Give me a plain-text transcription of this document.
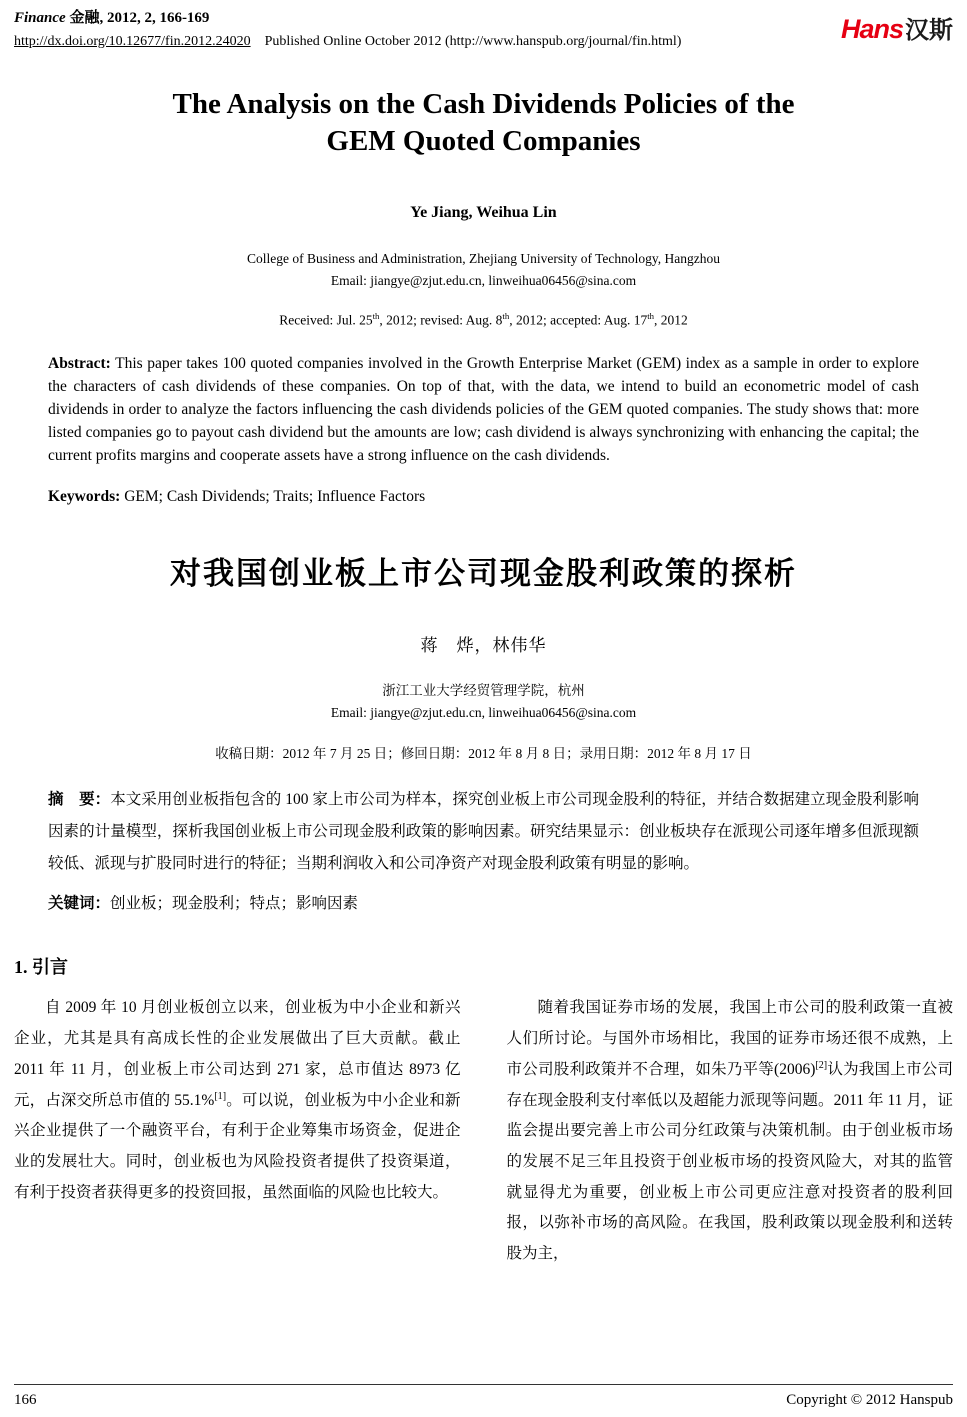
Finance 金融, 2012, 2, 166-169
http://dx.doi.org/10.12677/fin.2012.24020 Published Online October 2012 (http://www.hanspub.org/journal/fin.html)	Hans汉斯
The Analysis on the Cash Dividends Policies of the
GEM Quoted Companies
Ye Jiang, Weihua Lin
College of Business and Administration, Zhejiang University of Technology, Hangzhou
Email: jiangye@zjut.edu.cn, linweihua06456@sina.com
Received: Jul. 25th, 2012; revised: Aug. 8th, 2012; accepted: Aug. 17th, 2012
Abstract: This paper takes 100 quoted companies involved in the Growth Enterprise Market (GEM) index as a sample in order to explore the characters of cash dividends of these companies. On top of that, with the data, we intend to build an econometric model of cash dividends in order to analyze the factors influencing the cash dividends policies of the GEM quoted companies. The study shows that: more listed companies go to payout cash dividend but the amounts are low; cash dividend is always synchronizing with enhancing the capital; the current profits margins and cooperate assets have a strong influence on the cash dividends.
Keywords: GEM; Cash Dividends; Traits; Influence Factors
对我国创业板上市公司现金股利政策的探析
蒋　烨，林伟华
浙江工业大学经贸管理学院，杭州
Email: jiangye@zjut.edu.cn, linweihua06456@sina.com
收稿日期：2012 年 7 月 25 日；修回日期：2012 年 8 月 8 日；录用日期：2012 年 8 月 17 日
摘　要：本文采用创业板指包含的 100 家上市公司为样本，探究创业板上市公司现金股利的特征，并结合数据建立现金股利影响因素的计量模型，探析我国创业板上市公司现金股利政策的影响因素。研究结果显示：创业板块存在派现公司逐年增多但派现额较低、派现与扩股同时进行的特征；当期利润收入和公司净资产对现金股利政策有明显的影响。
关键词：创业板；现金股利；特点；影响因素
1. 引言

自 2009 年 10 月创业板创立以来，创业板为中小企业和新兴企业，尤其是具有高成长性的企业发展做出了巨大贡献。截止 2011 年 11 月，创业板上市公司达到 271 家，总市值达 8973 亿元，占深交所总市值的 55.1%[1]。可以说，创业板为中小企业和新兴企业提供了一个融资平台，有利于企业筹集市场资金，促进企业的发展壮大。同时，创业板也为风险投资者提供了投资渠道，有利于投资者获得更多的投资回报，虽然面临的风险也比较大。

随着我国证券市场的发展，我国上市公司的股利政策一直被人们所讨论。与国外市场相比，我国的证券市场还很不成熟，上市公司股利政策并不合理，如朱乃平等(2006)[2]认为我国上市公司存在现金股利支付率低以及超能力派现等问题。2011 年 11 月，证监会提出要完善上市公司分红政策与决策机制。由于创业板市场的发展不足三年且投资于创业板市场的投资风险大，对其的监管就显得尤为重要，创业板上市公司更应注意对投资者的股利回报，以弥补市场的高风险。在我国，股利政策以现金股利和送转股为主，

166	Copyright © 2012 Hanspub
